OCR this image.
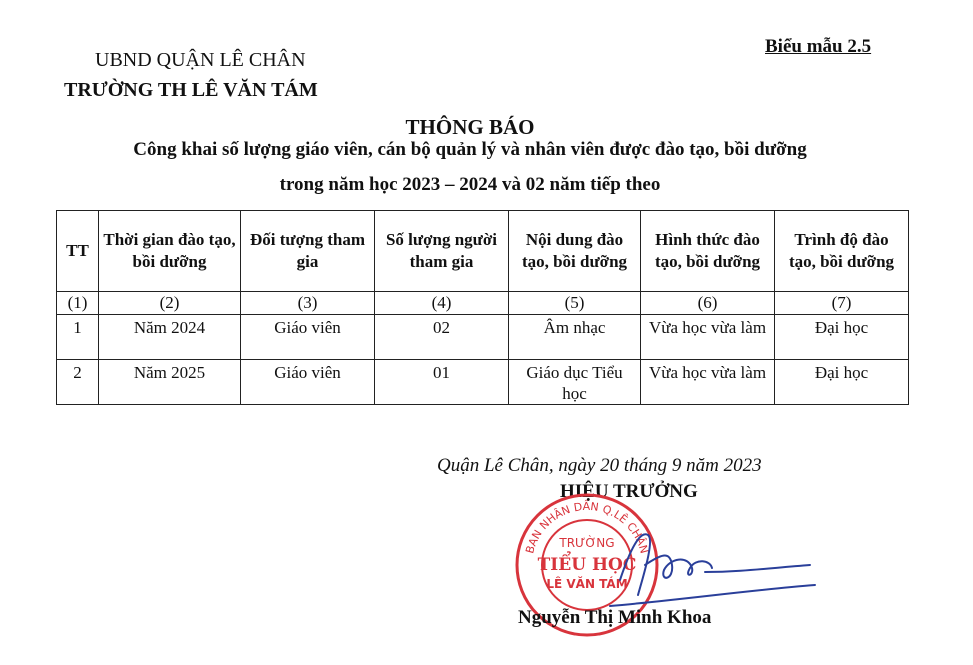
Biểu mẫu 2.5
UBND QUẬN LÊ CHÂN
TRƯỜNG TH LÊ VĂN TÁM
THÔNG BÁO
Công khai số lượng giáo viên, cán bộ quản lý và nhân viên được đào tạo, bồi dưỡng
trong năm học 2023 – 2024 và 02 năm tiếp theo
TT	Thời gian đào tạo, bồi dưỡng	Đối tượng tham gia	Số lượng người tham gia	Nội dung đào tạo, bồi dưỡng	Hình thức đào tạo, bồi dưỡng	Trình độ đào tạo, bồi dưỡng
(1)	(2)	(3)	(4)	(5)	(6)	(7)
1	Năm 2024	Giáo viên	02	Âm nhạc	Vừa học vừa làm	Đại học
2	Năm 2025	Giáo viên	01	Giáo dục Tiểu học	Vừa học vừa làm	Đại học
Quận Lê Chân, ngày 20 tháng 9 năm 2023
HIỆU TRƯỞNG
BAN NHÂN DÂN Q.LÊ CHÂN
TRƯỜNG
TIỂU HỌC
LÊ VĂN TÁM
Nguyễn Thị Minh Khoa
